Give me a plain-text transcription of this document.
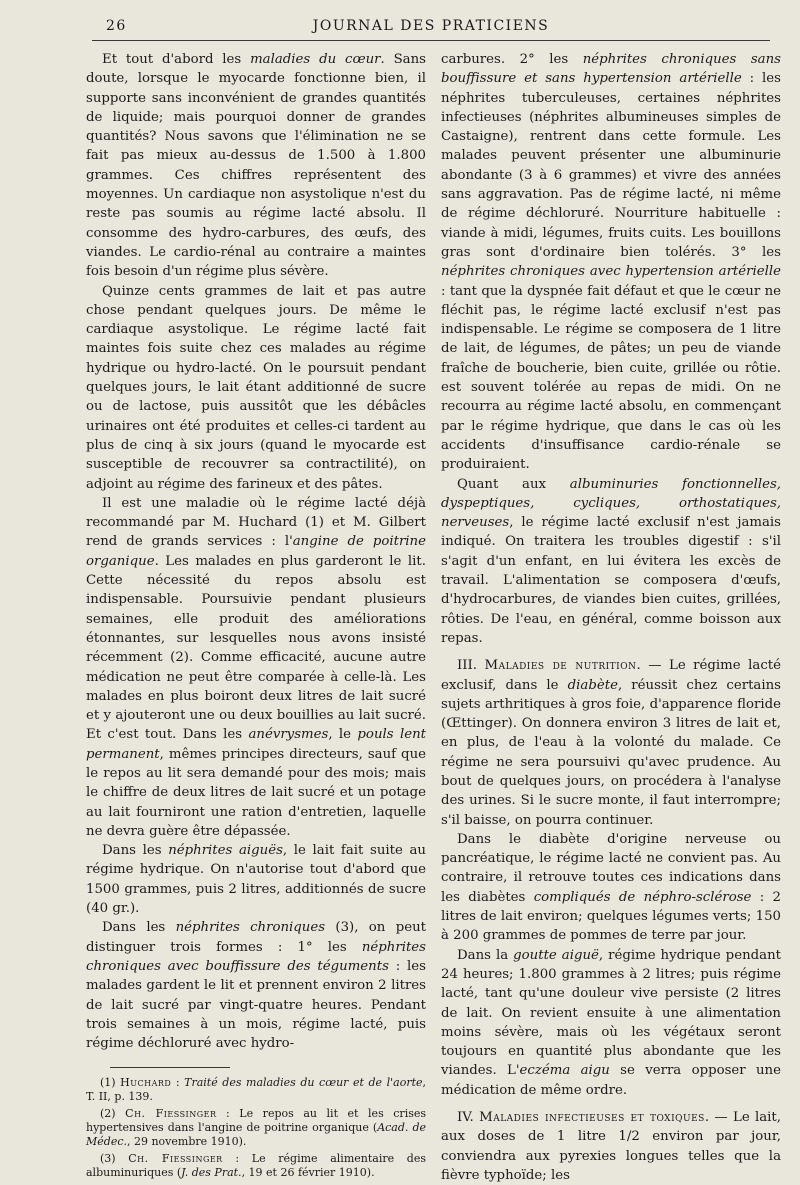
26	JOURNAL DES PRATICIENS

Et tout d'abord les maladies du cœur. Sans doute, lorsque le myocarde fonctionne bien, il supporte sans inconvénient de grandes quantités de liquide; mais pourquoi donner de grandes quantités? Nous savons que l'élimination ne se fait pas mieux au-dessus de 1.500 à 1.800 grammes. Ces chiffres représentent des moyennes. Un cardiaque non asystolique n'est du reste pas soumis au régime lacté absolu. Il consomme des hydro-carbures, des œufs, des viandes. Le cardio-rénal au contraire a maintes fois besoin d'un régime plus sévère.

Quinze cents grammes de lait et pas autre chose pendant quelques jours. De même le cardiaque asystolique. Le régime lacté fait maintes fois suite chez ces malades au régime hydrique ou hydro-lacté. On le poursuit pendant quelques jours, le lait étant additionné de sucre ou de lactose, puis aussitôt que les débâcles urinaires ont été produites et celles-ci tardent au plus de cinq à six jours (quand le myocarde est susceptible de recouvrer sa contractilité), on adjoint au régime des farineux et des pâtes.

Il est une maladie où le régime lacté déjà recommandé par M. Huchard (1) et M. Gilbert rend de grands services : l'angine de poitrine organique. Les malades en plus garderont le lit. Cette nécessité du repos absolu est indispensable. Poursuivie pendant plusieurs semaines, elle produit des améliorations étonnantes, sur lesquelles nous avons insisté récemment (2). Comme efficacité, aucune autre médication ne peut être comparée à celle-là. Les malades en plus boiront deux litres de lait sucré et y ajouteront une ou deux bouillies au lait sucré. Et c'est tout. Dans les anévrysmes, le pouls lent permanent, mêmes principes directeurs, sauf que le repos au lit sera demandé pour des mois; mais le chiffre de deux litres de lait sucré et un potage au lait fourniront une ration d'entretien, laquelle ne devra guère être dépassée.

Dans les néphrites aiguës, le lait fait suite au régime hydrique. On n'autorise tout d'abord que 1500 grammes, puis 2 litres, additionnés de sucre (40 gr.).

Dans les néphrites chroniques (3), on peut distinguer trois formes : 1° les néphrites chroniques avec bouffissure des téguments : les malades gardent le lit et prennent environ 2 litres de lait sucré par vingt-quatre heures. Pendant trois semaines à un mois, régime lacté, puis régime déchloruré avec hydro-

(1) Huchard : Traité des maladies du cœur et de l'aorte, T. II, p. 139.

(2) Ch. Fiessinger : Le repos au lit et les crises hypertensives dans l'angine de poitrine organique (Acad. de Médec., 29 novembre 1910).

(3) Ch. Fiessinger : Le régime alimentaire des albuminuriques (J. des Prat., 19 et 26 février 1910).

carbures. 2° les néphrites chroniques sans bouffissure et sans hypertension artérielle : les néphrites tuberculeuses, certaines néphrites infectieuses (néphrites albumineuses simples de Castaigne), rentrent dans cette formule. Les malades peuvent présenter une albuminurie abondante (3 à 6 grammes) et vivre des années sans aggravation. Pas de régime lacté, ni même de régime déchloruré. Nourriture habituelle : viande à midi, légumes, fruits cuits. Les bouillons gras sont d'ordinaire bien tolérés. 3° les néphrites chroniques avec hypertension artérielle : tant que la dyspnée fait défaut et que le cœur ne fléchit pas, le régime lacté exclusif n'est pas indispensable. Le régime se composera de 1 litre de lait, de légumes, de pâtes; un peu de viande fraîche de boucherie, bien cuite, grillée ou rôtie. est souvent tolérée au repas de midi. On ne recourra au régime lacté absolu, en commençant par le régime hydrique, que dans le cas où les accidents d'insuffisance cardio-rénale se produiraient.

Quant aux albuminuries fonctionnelles, dyspeptiques, cycliques, orthostatiques, nerveuses, le régime lacté exclusif n'est jamais indiqué. On traitera les troubles digestif : s'il s'agit d'un enfant, en lui évitera les excès de travail. L'alimentation se composera d'œufs, d'hydrocarbures, de viandes bien cuites, grillées, rôties. De l'eau, en général, comme boisson aux repas.

III. Maladies de nutrition. — Le régime lacté exclusif, dans le diabète, réussit chez certains sujets arthritiques à gros foie, d'apparence floride (Œttinger). On donnera environ 3 litres de lait et, en plus, de l'eau à la volonté du malade. Ce régime ne sera poursuivi qu'avec prudence. Au bout de quelques jours, on procédera à l'analyse des urines. Si le sucre monte, il faut interrompre; s'il baisse, on pourra continuer.

Dans le diabète d'origine nerveuse ou pancréatique, le régime lacté ne convient pas. Au contraire, il retrouve toutes ces indications dans les diabètes compliqués de néphro-sclérose : 2 litres de lait environ; quelques légumes verts; 150 à 200 grammes de pommes de terre par jour.

Dans la goutte aiguë, régime hydrique pendant 24 heures; 1.800 grammes à 2 litres; puis régime lacté, tant qu'une douleur vive persiste (2 litres de lait. On revient ensuite à une alimentation moins sévère, mais où les végétaux seront toujours en quantité plus abondante que les viandes. L'eczéma aigu se verra opposer une médication de même ordre.

IV. Maladies infectieuses et toxiques. — Le lait, aux doses de 1 litre 1/2 environ par jour, conviendra aux pyrexies longues telles que la fièvre typhoïde; les
